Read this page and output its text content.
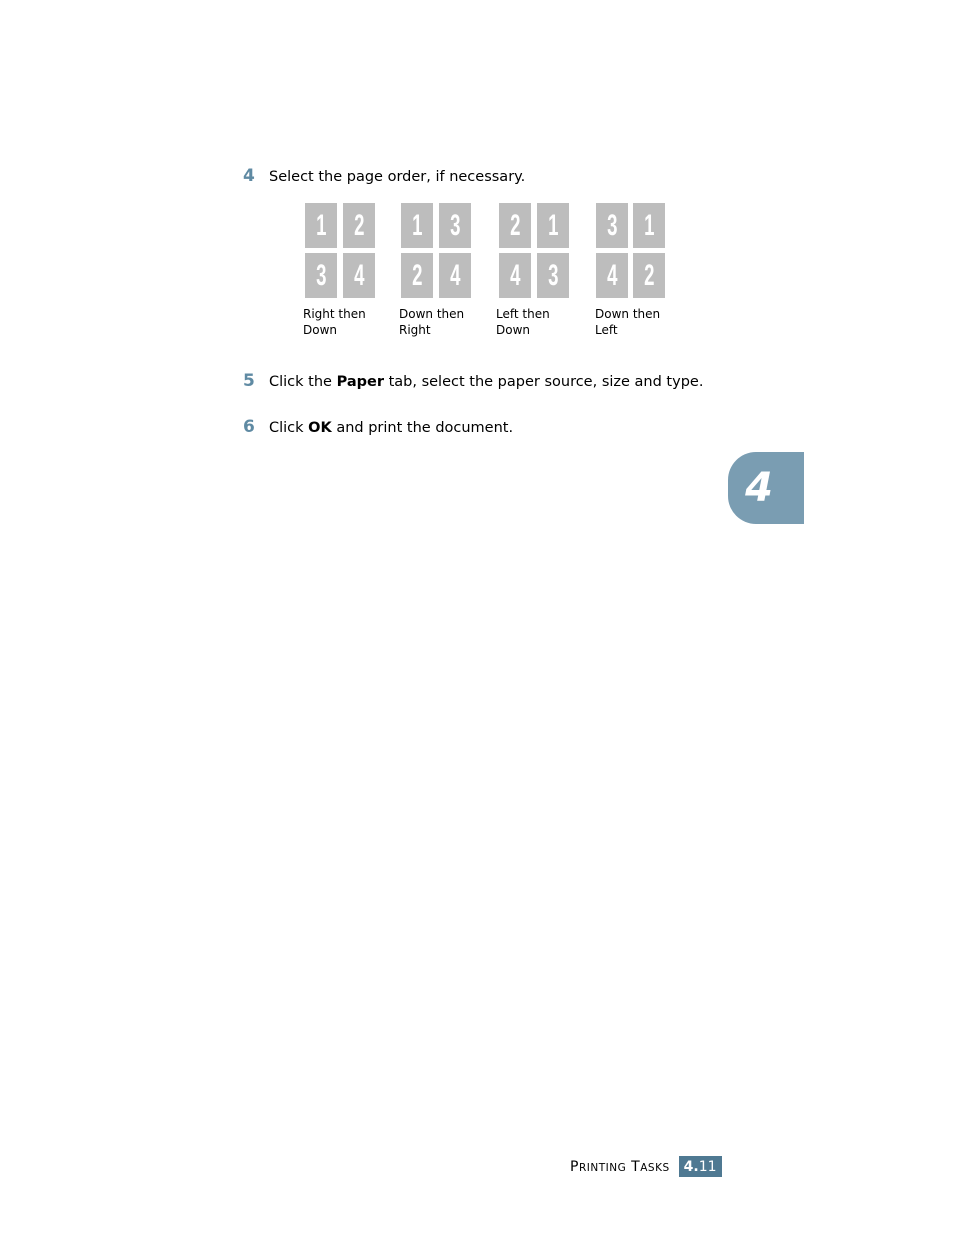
4 Select the page order, if necessary.
1 2
3 4
Right then
Down
1 3
2 4
Down then
Right
2 1
4 3
Left then
Down
3 1
4 2
Down then
Left
5 Click the Paper tab, select the paper source, size and type.
6 Click OK and print the document.
4
PRINTING TASKS 4. 11
